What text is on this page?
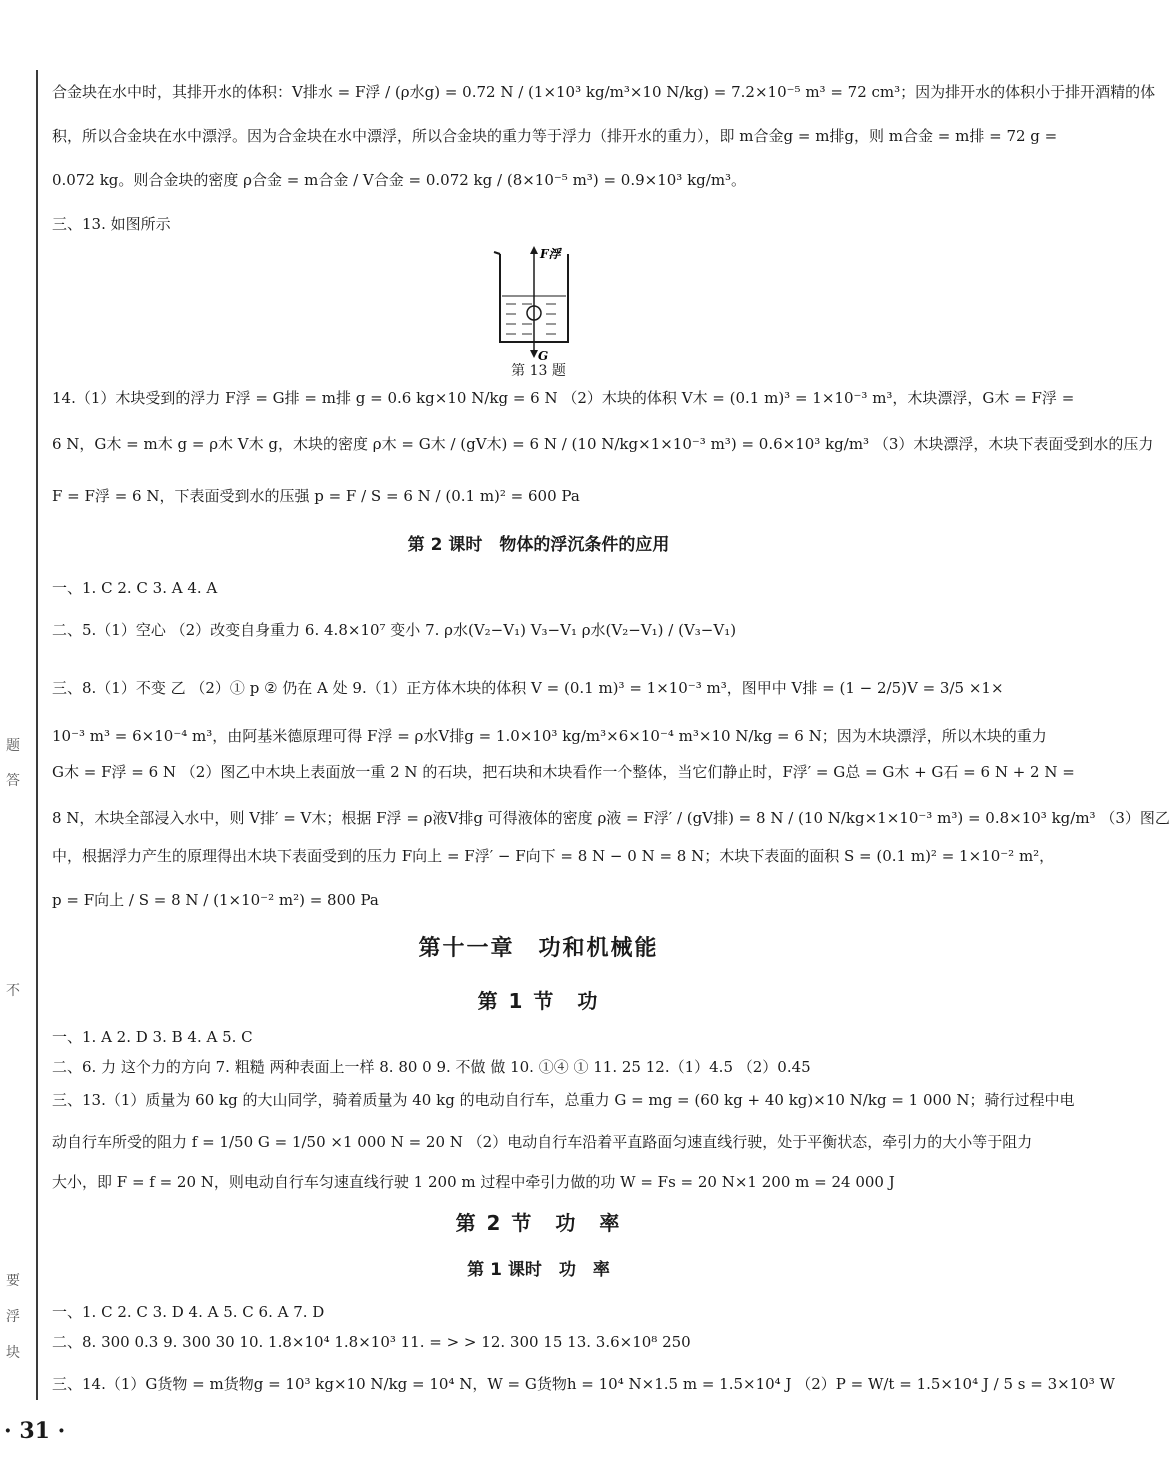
题
答
不
要
浮
块
合金块在水中时，其排开水的体积：V排水 = F浮 / (ρ水g) = 0.72 N / (1×10³ kg/m³×10 N/kg) = 7.2×10⁻⁵ m³ = 72 cm³；因为排开水的体积小于排开酒精的体
积，所以合金块在水中漂浮。因为合金块在水中漂浮，所以合金块的重力等于浮力（排开水的重力），即 m合金g = m排g，则 m合金 = m排 = 72 g =
0.072 kg。则合金块的密度 ρ合金 = m合金 / V合金 = 0.072 kg / (8×10⁻⁵ m³) = 0.9×10³ kg/m³。
三、13. 如图所示
F浮
G
第 13 题
14.（1）木块受到的浮力 F浮 = G排 = m排 g = 0.6 kg×10 N/kg = 6 N （2）木块的体积 V木 = (0.1 m)³ = 1×10⁻³ m³，木块漂浮，G木 = F浮 =
6 N，G木 = m木 g = ρ木 V木 g，木块的密度 ρ木 = G木 / (gV木) = 6 N / (10 N/kg×1×10⁻³ m³) = 0.6×10³ kg/m³ （3）木块漂浮，木块下表面受到水的压力
F = F浮 = 6 N，下表面受到水的压强 p = F / S = 6 N / (0.1 m)² = 600 Pa
第 2 课时　物体的浮沉条件的应用
一、1. C 2. C 3. A 4. A
二、5.（1）空心 （2）改变自身重力 6. 4.8×10⁷ 变小 7. ρ水(V₂−V₁) V₃−V₁ ρ水(V₂−V₁) / (V₃−V₁)
三、8.（1）不变 乙 （2）① p ② 仍在 A 处 9.（1）正方体木块的体积 V = (0.1 m)³ = 1×10⁻³ m³，图甲中 V排 = (1 − 2/5)V = 3/5 ×1×
10⁻³ m³ = 6×10⁻⁴ m³，由阿基米德原理可得 F浮 = ρ水V排g = 1.0×10³ kg/m³×6×10⁻⁴ m³×10 N/kg = 6 N；因为木块漂浮，所以木块的重力
G木 = F浮 = 6 N （2）图乙中木块上表面放一重 2 N 的石块，把石块和木块看作一个整体，当它们静止时，F浮′ = G总 = G木 + G石 = 6 N + 2 N =
8 N，木块全部浸入水中，则 V排′ = V木；根据 F浮 = ρ液V排g 可得液体的密度 ρ液 = F浮′ / (gV排) = 8 N / (10 N/kg×1×10⁻³ m³) = 0.8×10³ kg/m³ （3）图乙
中，根据浮力产生的原理得出木块下表面受到的压力 F向上 = F浮′ − F向下 = 8 N − 0 N = 8 N；木块下表面的面积 S = (0.1 m)² = 1×10⁻² m²，
p = F向上 / S = 8 N / (1×10⁻² m²) = 800 Pa
第十一章　功和机械能
第 1 节　功
一、1. A 2. D 3. B 4. A 5. C
二、6. 力 这个力的方向 7. 粗糙 两种表面上一样 8. 80 0 9. 不做 做 10. ①④ ① 11. 25 12.（1）4.5 （2）0.45
三、13.（1）质量为 60 kg 的大山同学，骑着质量为 40 kg 的电动自行车，总重力 G = mg = (60 kg + 40 kg)×10 N/kg = 1 000 N；骑行过程中电
动自行车所受的阻力 f = 1/50 G = 1/50 ×1 000 N = 20 N （2）电动自行车沿着平直路面匀速直线行驶，处于平衡状态，牵引力的大小等于阻力
大小，即 F = f = 20 N，则电动自行车匀速直线行驶 1 200 m 过程中牵引力做的功 W = Fs = 20 N×1 200 m = 24 000 J
第 2 节　功　率
第 1 课时　功　率
一、1. C 2. C 3. D 4. A 5. C 6. A 7. D
二、8. 300 0.3 9. 300 30 10. 1.8×10⁴ 1.8×10³ 11. = > > 12. 300 15 13. 3.6×10⁸ 250
三、14.（1）G货物 = m货物g = 10³ kg×10 N/kg = 10⁴ N，W = G货物h = 10⁴ N×1.5 m = 1.5×10⁴ J （2）P = W/t = 1.5×10⁴ J / 5 s = 3×10³ W
· 31 ·
